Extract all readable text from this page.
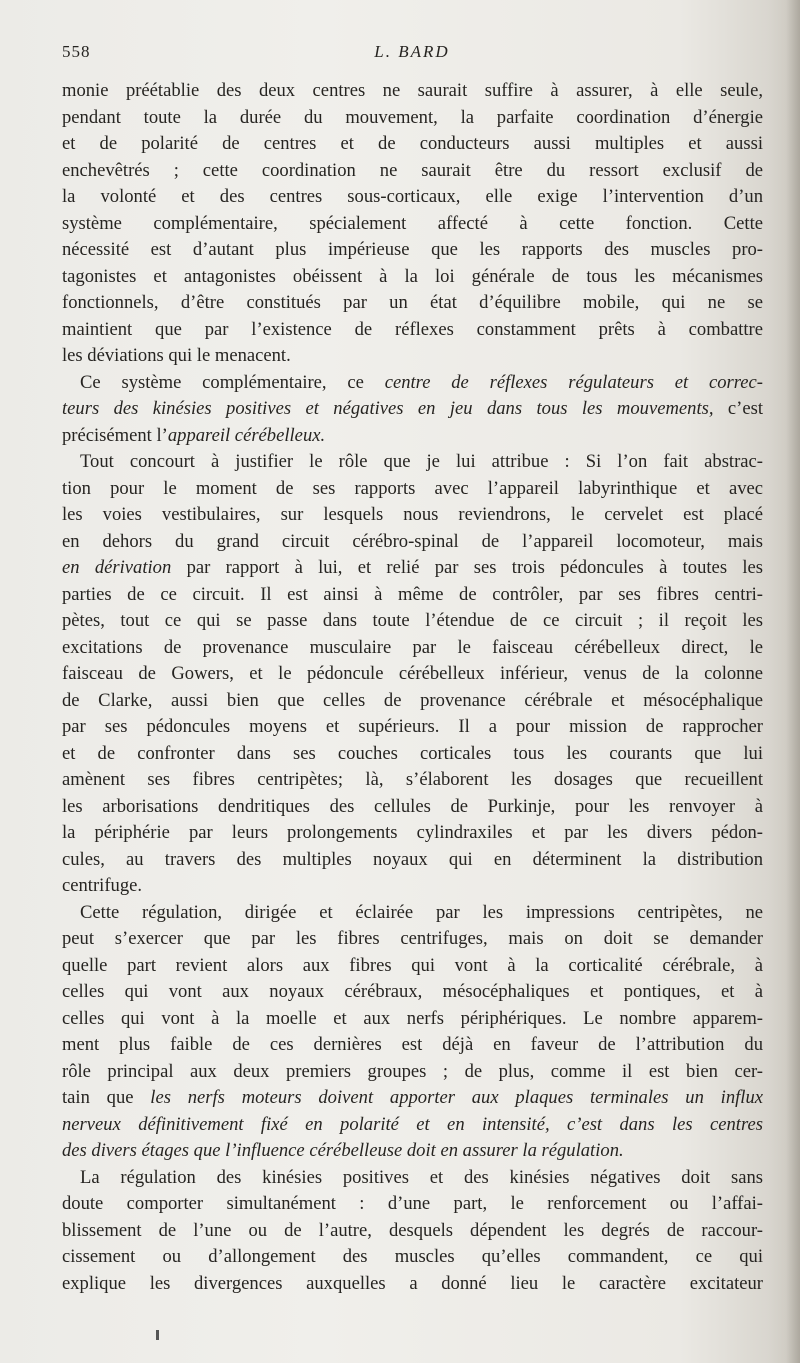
558	L. BARD
monie préétablie des deux centres ne saurait suffire à assurer, à elle seule,
pendant toute la durée du mouvement, la parfaite coordination d’énergie
et de polarité de centres et de conducteurs aussi multiples et aussi
enchevêtrés ; cette coordination ne saurait être du ressort exclusif de
la volonté et des centres sous-corticaux, elle exige l’intervention d’un
système complémentaire, spécialement affecté à cette fonction. Cette
nécessité est d’autant plus impérieuse que les rapports des muscles pro-
tagonistes et antagonistes obéissent à la loi générale de tous les mécanismes
fonctionnels, d’être constitués par un état d’équilibre mobile, qui ne se
maintient que par l’existence de réflexes constamment prêts à combattre
les déviations qui le menacent.
Ce système complémentaire, ce centre de réflexes régulateurs et correc-
teurs des kinésies positives et négatives en jeu dans tous les mouvements, c’est
précisément l’appareil cérébelleux.
Tout concourt à justifier le rôle que je lui attribue : Si l’on fait abstrac-
tion pour le moment de ses rapports avec l’appareil labyrinthique et avec
les voies vestibulaires, sur lesquels nous reviendrons, le cervelet est placé
en dehors du grand circuit cérébro-spinal de l’appareil locomoteur, mais
en dérivation par rapport à lui, et relié par ses trois pédoncules à toutes les
parties de ce circuit. Il est ainsi à même de contrôler, par ses fibres centri-
pètes, tout ce qui se passe dans toute l’étendue de ce circuit ; il reçoit les
excitations de provenance musculaire par le faisceau cérébelleux direct, le
faisceau de Gowers, et le pédoncule cérébelleux inférieur, venus de la colonne
de Clarke, aussi bien que celles de provenance cérébrale et mésocéphalique
par ses pédoncules moyens et supérieurs. Il a pour mission de rapprocher
et de confronter dans ses couches corticales tous les courants que lui
amènent ses fibres centripètes; là, s’élaborent les dosages que recueillent
les arborisations dendritiques des cellules de Purkinje, pour les renvoyer à
la périphérie par leurs prolongements cylindraxiles et par les divers pédon-
cules, au travers des multiples noyaux qui en déterminent la distribution
centrifuge.
Cette régulation, dirigée et éclairée par les impressions centripètes, ne
peut s’exercer que par les fibres centrifuges, mais on doit se demander
quelle part revient alors aux fibres qui vont à la corticalité cérébrale, à
celles qui vont aux noyaux cérébraux, mésocéphaliques et pontiques, et à
celles qui vont à la moelle et aux nerfs périphériques. Le nombre apparem-
ment plus faible de ces dernières est déjà en faveur de l’attribution du
rôle principal aux deux premiers groupes ; de plus, comme il est bien cer-
tain que les nerfs moteurs doivent apporter aux plaques terminales un influx
nerveux définitivement fixé en polarité et en intensité, c’est dans les centres
des divers étages que l’influence cérébelleuse doit en assurer la régulation.
La régulation des kinésies positives et des kinésies négatives doit sans
doute comporter simultanément : d’une part, le renforcement ou l’affai-
blissement de l’une ou de l’autre, desquels dépendent les degrés de raccour-
cissement ou d’allongement des muscles qu’elles commandent, ce qui
explique les divergences auxquelles a donné lieu le caractère excitateur
